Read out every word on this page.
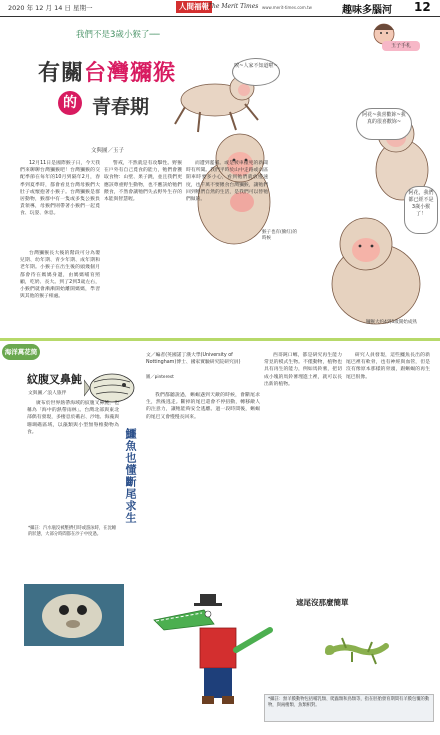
2020 年 12 月 14 日 星期一	人間福報 The Merit Times www.merit-times.com.tw	趣味多腦河 12
我們不是3歲小猴了──
有關台灣獼猴
的 青春期
玉子手札
唉~人家不知道啦~
阿花~我喜歡妳~我真的很喜歡妳~
阿花，我們都已經不是3歲小猴了！
猴子也有(臉紅)的時候
獼猴大約4到5歲開始成熟
文與圖／玉子

12月11日是國際猴子日，今天我們來聊聊台灣獼猴吧！台灣獼猴的交配季節在每年的10月到隔年2月，春季到夏季時，都會看見台灣母猴們大肚子或懷抱著小猴子。台灣獼猴是群居動物，猴群中有一隻或多隻公猴負責領導，母猴們則帶著小猴們一起覓食、玩耍、休息。

台灣獼猴長大後的階段可分為嬰兒期、幼年期、青少年期、成年期和老年期。小猴子在出生後的頭幾個月都會待在媽媽身邊，由媽媽哺育照顧，吃奶、長大。到了2到3歲左右，小猴們就會漸漸開始離開媽媽，學習與其他的猴子相處。

警戒，不然就是有攻擊性。野猴在戶外有自己覓食的能力，牠們會獲取食物：山壁、果子跳，並且我們更應該尊重野生動物，也不應該給牠們餵食，不然會讓牠們失去野外生存的本能與智慧喔。

而遭到濫捕。或是被車撞死的新聞時有所聞。我們平時於山中走路或山區開車時要多小心，看到牠們就放慢速度，也千萬不要餵食台灣獼猴，讓牠們回到牠們自然的生活，是我們可以替牠們做的。

海洋萬花筒
紋腹叉鼻魨
文與圖／浪人旅伴

廣布於世界熱帶海域的紋腹叉鼻魨，也稱為「海中的熱帶雨林」。台灣北部與東北部偶有發現，多棲息於礁岩、沙地、海藻與珊瑚礁區域，以藻類與小型無脊椎動物為食。

*攝註：汽水瓶沒被壓擠打時或游泳時，在沈睡的狀態，大部分時間都在沙子中度過。
文／編者(英國諾丁漢大學(University of Nottingham)博士、國家實驗研究院研究員)
圖／pinterest
鱷魚也懂斷尾求生

我們都聽說過，蜥蜴遇到天敵的時候，會斷尾求生，然後逃走。斷掉的尾巴還會不停扭動，轉移敵人的注意力，讓牠能夠安全逃離。過一段時間後，蜥蜴的尾巴又會慢慢長回來。

西哥鈍口螈，都是研究再生能力常見的模式生物。不僅動物，植物也具有再生的能力，例如馬鈴薯，把切成小塊的馬鈴薯埋進土裡，就可以長出新的植物。

研究人員發現，這些鱷魚長出的新尾巴裡有軟骨，也有神經與血管，但是沒有像原本那樣的骨頭，跟蜥蜴的再生尾巴很像。

遮尾沒那麼簡單
*攝註：無羊膜動物包括哺乳類、爬蟲類和鳥類等，指在胚胎發育期間有羊膜包覆的動物，與兩棲類、魚類相對。
